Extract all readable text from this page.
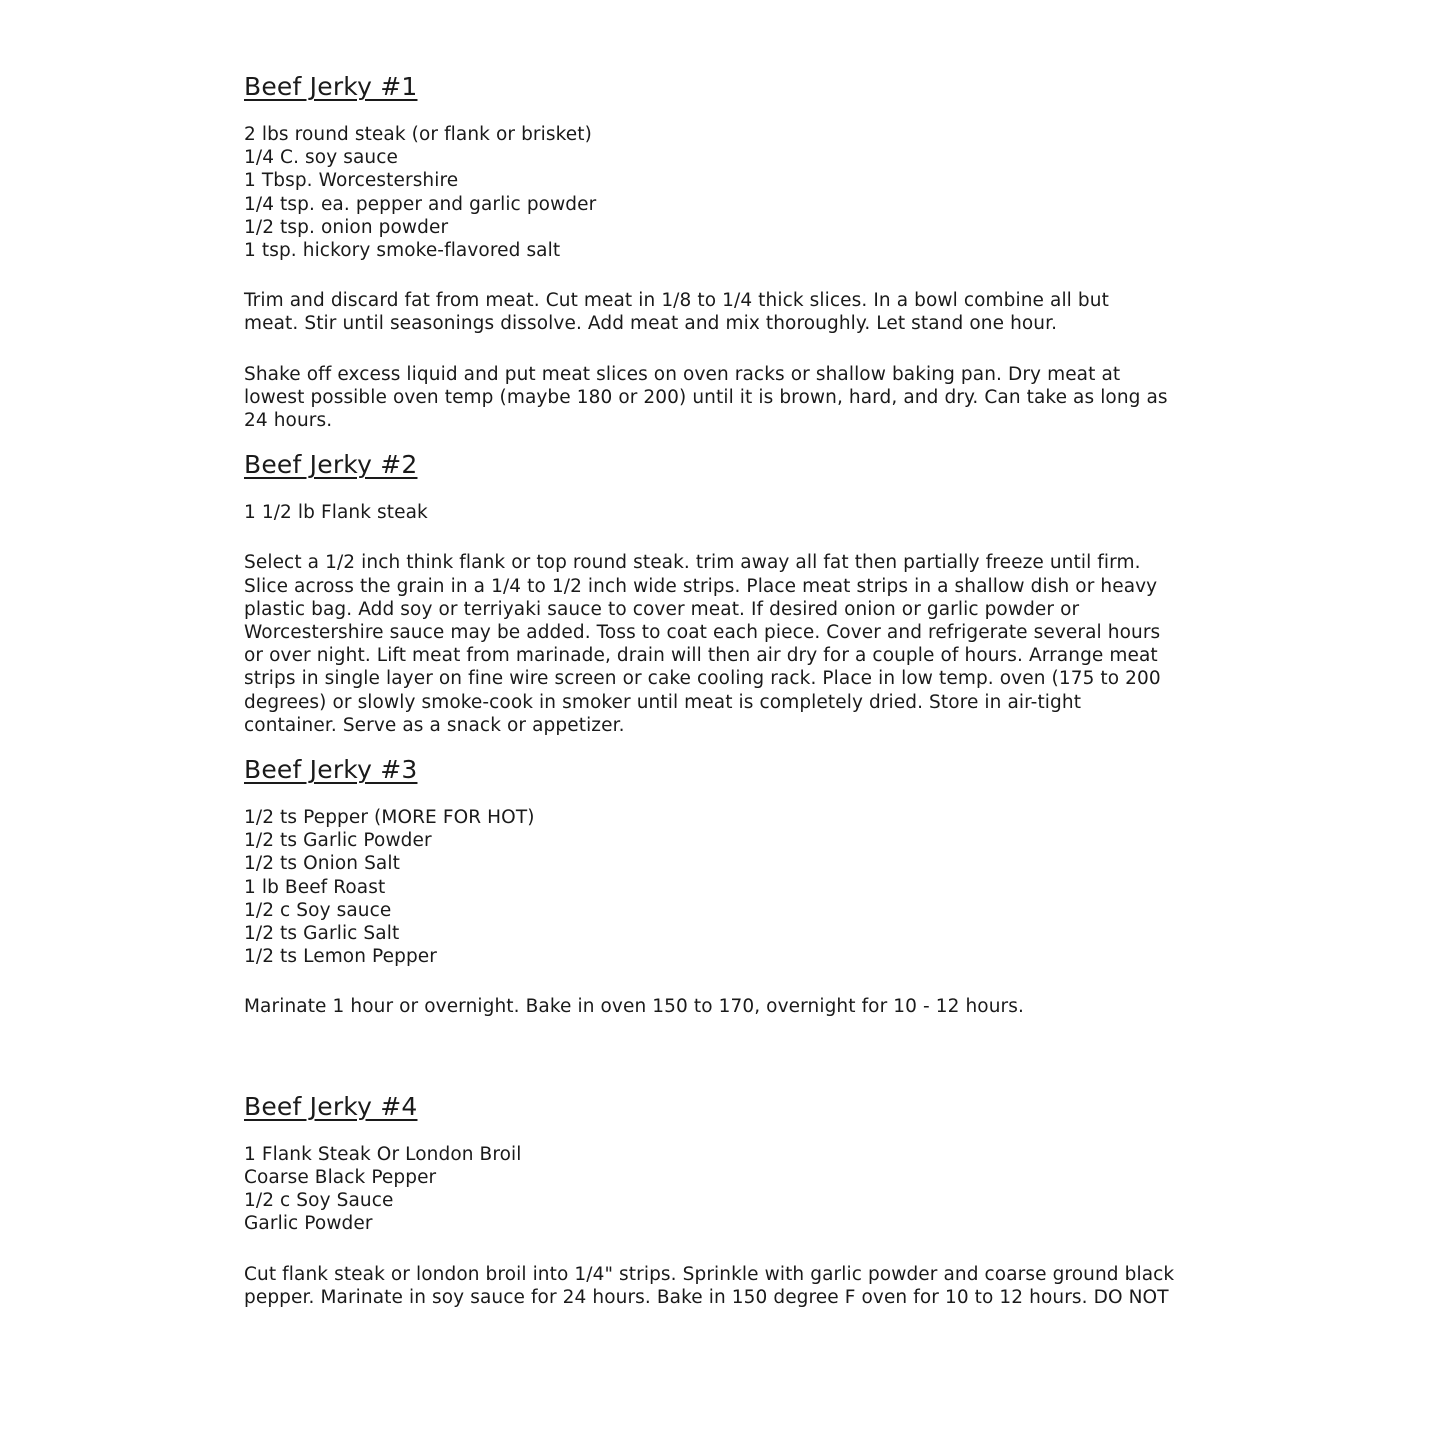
Beef Jerky #1
2 lbs round steak (or flank or brisket)
1/4 C. soy sauce
1 Tbsp. Worcestershire
1/4 tsp. ea. pepper and garlic powder
1/2 tsp. onion powder
1 tsp. hickory smoke-flavored salt

Trim and discard fat from meat. Cut meat in 1/8 to 1/4 thick slices. In a bowl combine all but
meat. Stir until seasonings dissolve. Add meat and mix thoroughly. Let stand one hour.

Shake off excess liquid and put meat slices on oven racks or shallow baking pan. Dry meat at
lowest possible oven temp (maybe 180 or 200) until it is brown, hard, and dry. Can take as long as
24 hours.

Beef Jerky #2
1 1/2 lb Flank steak

Select a 1/2 inch think flank or top round steak. trim away all fat then partially freeze until firm.
Slice across the grain in a 1/4 to 1/2 inch wide strips. Place meat strips in a shallow dish or heavy
plastic bag. Add soy or terriyaki sauce to cover meat. If desired onion or garlic powder or
Worcestershire sauce may be added. Toss to coat each piece. Cover and refrigerate several hours
or over night. Lift meat from marinade, drain will then air dry for a couple of hours. Arrange meat
strips in single layer on fine wire screen or cake cooling rack. Place in low temp. oven (175 to 200
degrees) or slowly smoke-cook in smoker until meat is completely dried. Store in air-tight
container. Serve as a snack or appetizer.

Beef Jerky #3
1/2 ts Pepper (MORE FOR HOT)
1/2 ts Garlic Powder
1/2 ts Onion Salt
1 lb Beef Roast
1/2 c Soy sauce
1/2 ts Garlic Salt
1/2 ts Lemon Pepper

Marinate 1 hour or overnight. Bake in oven 150 to 170, overnight for 10 - 12 hours.

Beef Jerky #4
1 Flank Steak Or London Broil
Coarse Black Pepper
1/2 c Soy Sauce
Garlic Powder

Cut flank steak or london broil into 1/4" strips. Sprinkle with garlic powder and coarse ground black
pepper. Marinate in soy sauce for 24 hours. Bake in 150 degree F oven for 10 to 12 hours. DO NOT
